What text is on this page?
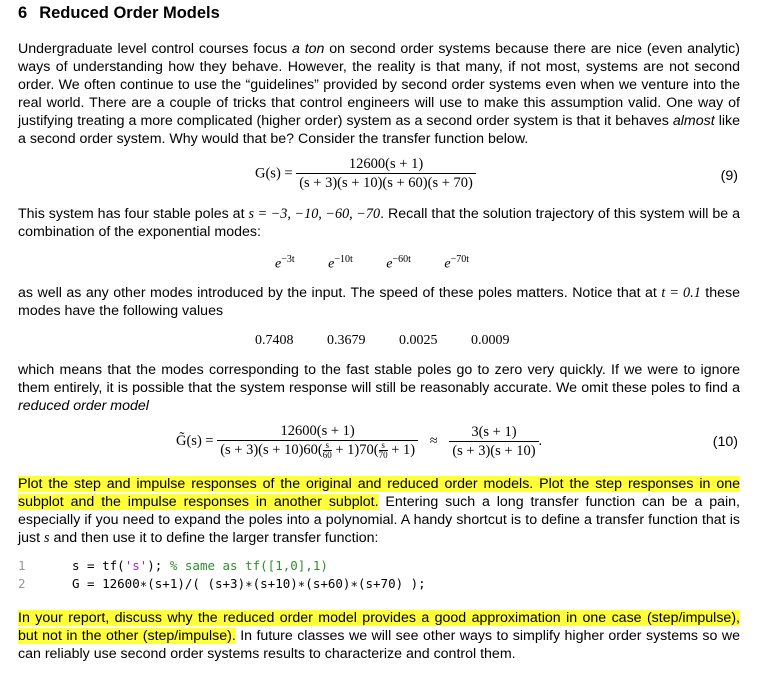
6 Reduced Order Models

Undergraduate level control courses focus a ton on second order systems because there are nice (even analytic) ways of understanding how they behave. However, the reality is that many, if not most, systems are not second order. We often continue to use the “guidelines” provided by second order systems even when we venture into the real world. There are a couple of tricks that control engineers will use to make this assumption valid. One way of justifying treating a more complicated (higher order) system as a second order system is that it behaves almost like a second order system. Why would that be? Consider the transfer function below.

$G(s) = \frac{12600(s + 1)}{(s + 3)(s + 10)(s + 60)(s + 70)}$	(9)

This system has four stable poles at s = −3, −10, −60, −70. Recall that the solution trajectory of this system will be a combination of the exponential modes:

$e^{-3t}$ $e^{-10t}$ $e^{-60t}$ $e^{-70t}$

as well as any other modes introduced by the input. The speed of these poles matters. Notice that at t = 0.1 these modes have the following values

0.7408 0.3679 0.0025 0.0009

which means that the modes corresponding to the fast stable poles go to zero very quickly. If we were to ignore them entirely, it is possible that the system response will still be reasonably accurate. We omit these poles to find a reduced order model

G̃(s) = $\frac{12600(s + 1)}{(s + 3)(s + 10)60( \frac{s}{60} + 1)70( \frac{s}{70} + 1)} \approx \frac{3(s + 1)}{(s + 3)(s + 10)}$ .	(10)

Plot the step and impulse responses of the original and reduced order models. Plot the step responses in one subplot and the impulse responses in another subplot. Entering such a long transfer function can be a pain, especially if you need to expand the poles into a polynomial. A handy shortcut is to define a transfer function that is just s and then use it to define the larger transfer function:

1	s = tf('s'); % same as tf([1,0],1)
2	G = 12600∗(s+1)/( (s+3)∗(s+10)∗(s+60)∗(s+70) );

In your report, discuss why the reduced order model provides a good approximation in one case (step/impulse), but not in the other (step/impulse). In future classes we will see other ways to simplify higher order systems so we can reliably use second order systems results to characterize and control them.
